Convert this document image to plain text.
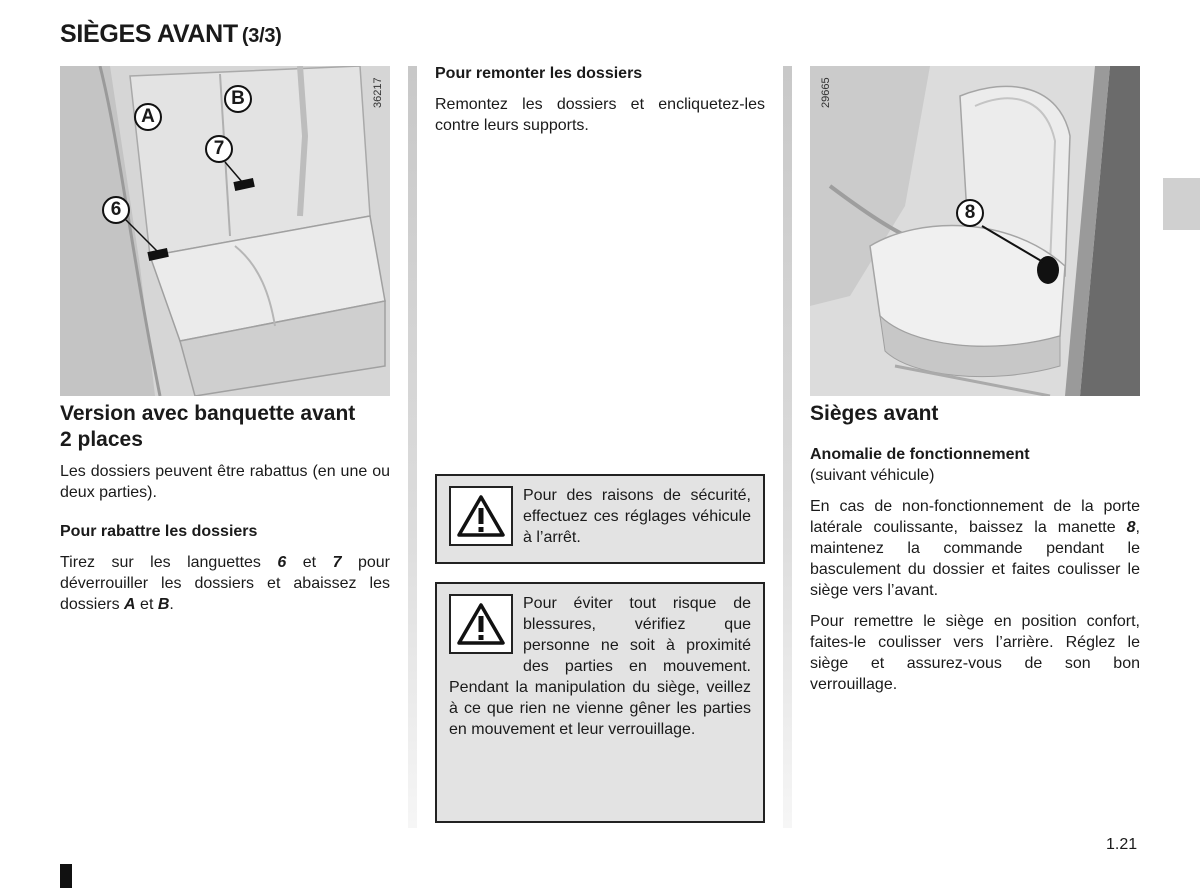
SIÈGES AVANT (3/3)
36217
A
B
7
6
Version avec banquette avant
2 places

Les dossiers peuvent être rabattus (en une ou deux parties).

Pour rabattre les dossiers

Tirez sur les languettes 6 et 7 pour déverrouiller les dossiers et abaissez les dossiers A et B.

Pour remonter les dossiers

Remontez les dossiers et encliquetez-les contre leurs supports.

Pour des raisons de sécurité, effectuez ces réglages véhicule à l’arrêt.
Pour éviter tout risque de blessures, vérifiez que personne ne soit à proximité des parties en mouvement. Pendant la manipulation du siège, veillez à ce que rien ne vienne gêner les parties en mouvement et leur verrouillage.
29665
8
Sièges avant
Anomalie de fonctionnement

(suivant véhicule)

En cas de non-fonctionnement de la porte latérale coulissante, baissez la manette 8, maintenez la commande pendant le basculement du dossier et faites coulisser le siège vers l’avant.

Pour remettre le siège en position confort, faites-le coulisser vers l’arrière. Réglez le siège et assurez-vous de son bon verrouillage.

1.21
